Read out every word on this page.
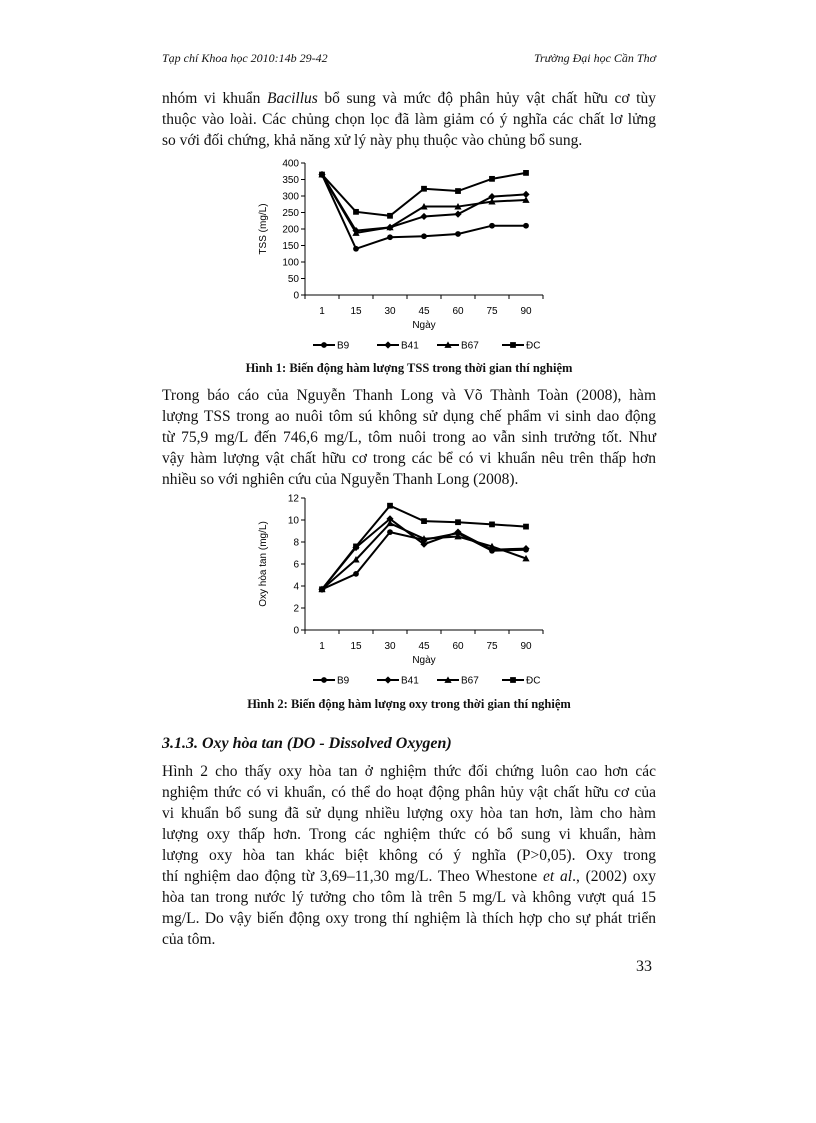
Tạp chí Khoa học 2010:14b 29-42	Trường Đại học Cần Thơ
nhóm vi khuẩn Bacillus bổ sung và mức độ phân hủy vật chất hữu cơ tùy
thuộc vào loài. Các chủng chọn lọc đã làm giảm có ý nghĩa các chất lơ lửng
so với đối chứng, khả năng xử lý này phụ thuộc vào chủng bổ sung.
0
50
100
150
200
250
300
350
400
1	15 30 45 60 75 90
Ngày
TSS (mg/L)
B9	B41	B67	ĐC
Hình 1: Biến động hàm lượng TSS trong thời gian thí nghiệm
Trong báo cáo của Nguyễn Thanh Long và Võ Thành Toàn (2008), hàm
lượng TSS trong ao nuôi tôm sú không sử dụng chế phẩm vi sinh dao động
từ 75,9 mg/L đến 746,6 mg/L, tôm nuôi trong ao vẫn sinh trưởng tốt. Như
vậy hàm lượng vật chất hữu cơ trong các bể có vi khuẩn nêu trên thấp hơn
nhiều so với nghiên cứu của Nguyễn Thanh Long (2008).
0
2
4
6
8
10
12
1	15 30 45 60 75 90
Ngày
Oxy hòa tan (mg/L)
B9	B41	B67	ĐC
Hình 2: Biến động hàm lượng oxy trong thời gian thí nghiệm
3.1.3. Oxy hòa tan (DO - Dissolved Oxygen)
Hình 2 cho thấy oxy hòa tan ở nghiệm thức đối chứng luôn cao hơn các
nghiệm thức có vi khuẩn, có thể do hoạt động phân hủy vật chất hữu cơ của
vi khuẩn bổ sung đã sử dụng nhiều lượng oxy hòa tan hơn, làm cho hàm
lượng oxy thấp hơn. Trong các nghiệm thức có bổ sung vi khuẩn, hàm
lượng oxy hòa tan khác biệt không có ý nghĩa (P>0,05). Oxy trong
thí nghiệm dao động từ 3,69–11,30 mg/L. Theo Whestone et al., (2002) oxy
hòa tan trong nước lý tưởng cho tôm là trên 5 mg/L và không vượt quá 15
mg/L. Do vậy biến động oxy trong thí nghiệm là thích hợp cho sự phát triển
của tôm.
33
